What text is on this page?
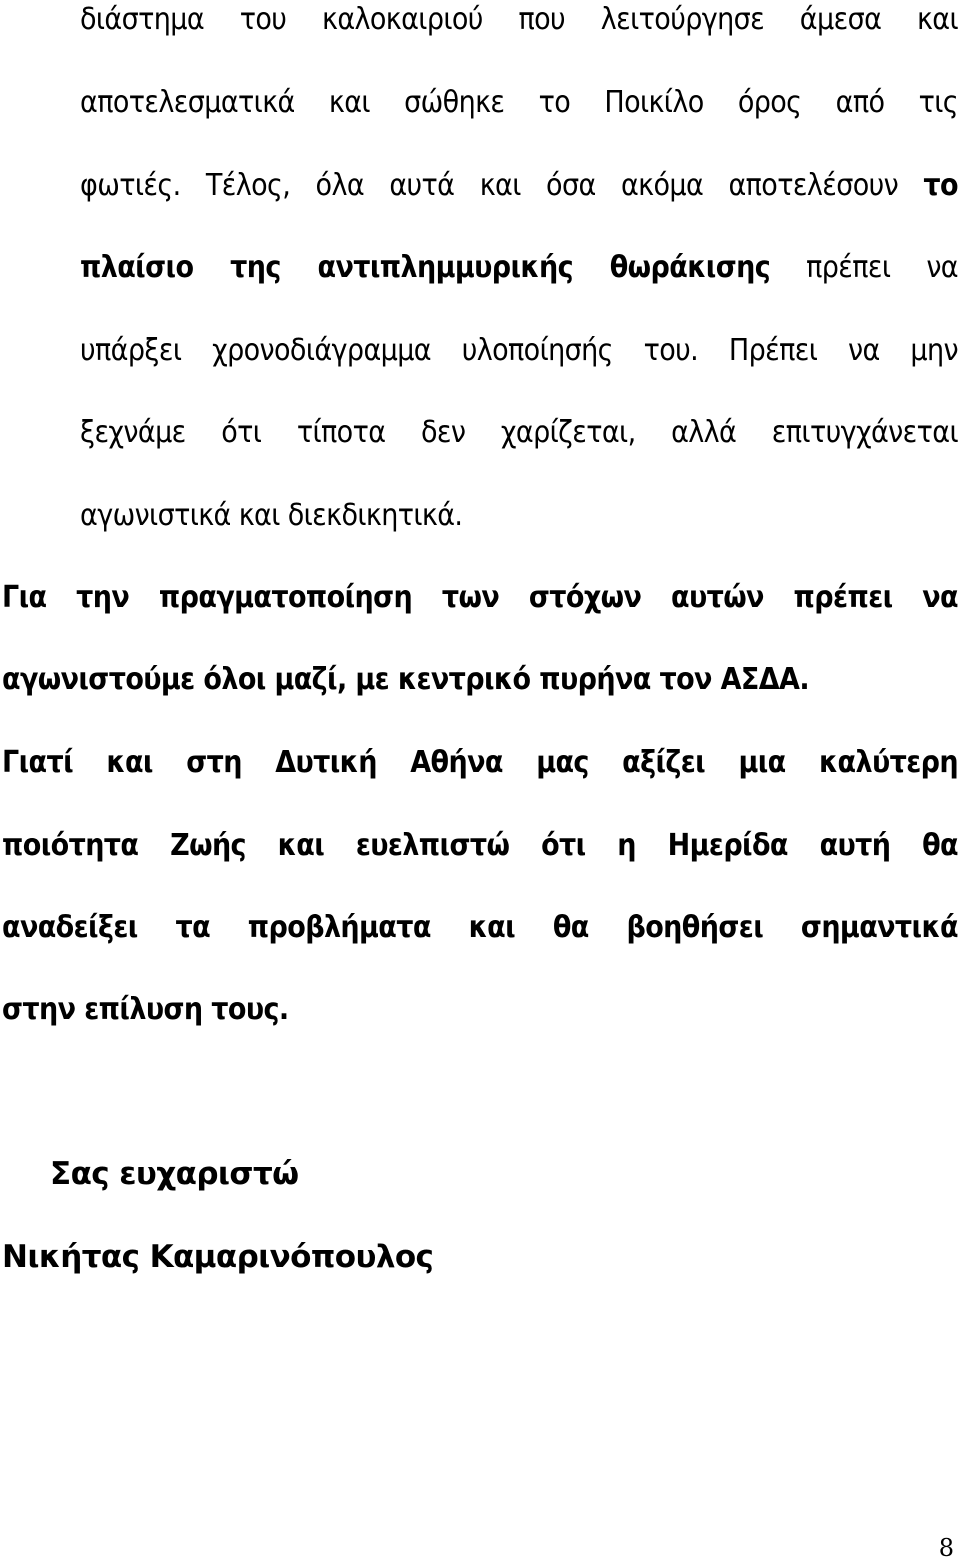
διάστημα του καλοκαιριού που λειτούργησε άμεσα και
αποτελεσματικά και σώθηκε το Ποικίλο όρος από τις
φωτιές. Τέλος, όλα αυτά και όσα ακόμα αποτελέσουν το
πλαίσιο της αντιπλημμυρικής θωράκισης πρέπει να
υπάρξει χρονοδιάγραμμα υλοποίησής του. Πρέπει να μην
ξεχνάμε ότι τίποτα δεν χαρίζεται, αλλά επιτυγχάνεται
αγωνιστικά και διεκδικητικά.
Για την πραγματοποίηση των στόχων αυτών πρέπει να
αγωνιστούμε όλοι μαζί, με κεντρικό πυρήνα τον ΑΣΔΑ.
Γιατί και στη Δυτική Αθήνα μας αξίζει μια καλύτερη
ποιότητα Ζωής και ευελπιστώ ότι η Ημερίδα αυτή θα
αναδείξει τα προβλήματα και θα βοηθήσει σημαντικά
στην επίλυση τους.
Σας ευχαριστώ
Νικήτας Καμαρινόπουλος
8
